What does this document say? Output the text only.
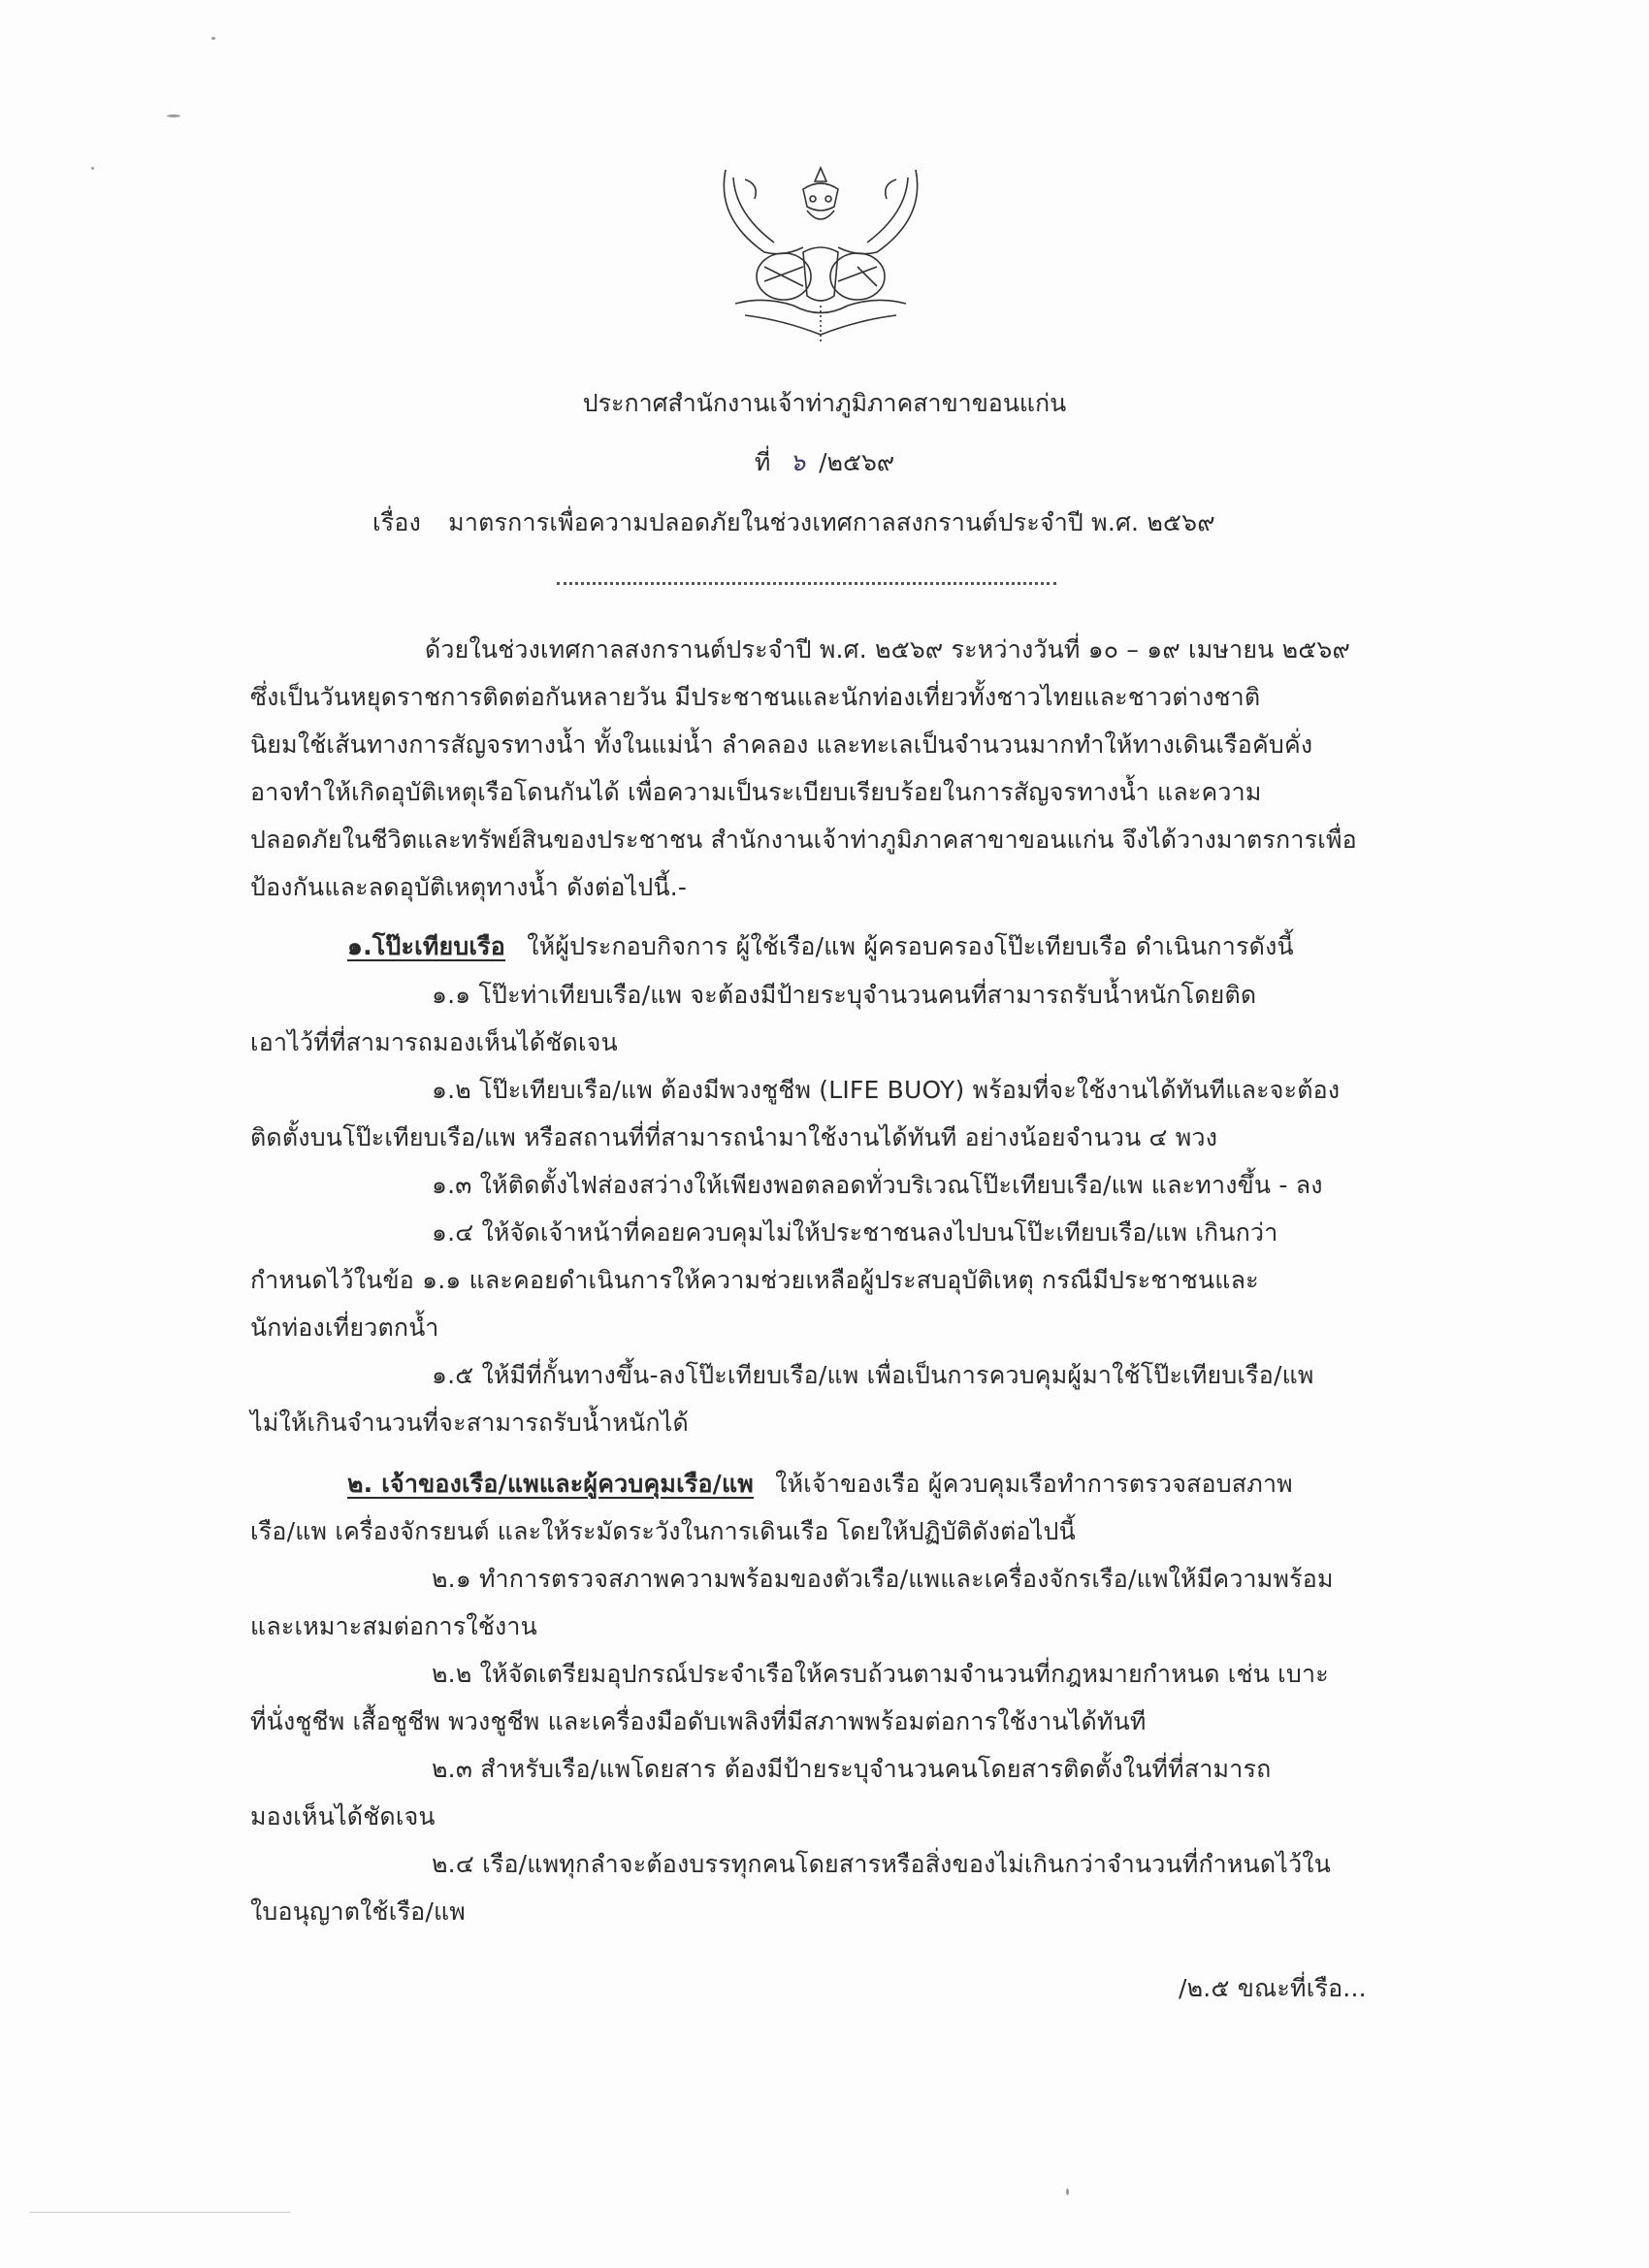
ประกาศสำนักงานเจ้าท่าภูมิภาคสาขาขอนแก่น
ที่ ๖ /๒๕๖๙
เรื่อง มาตรการเพื่อความปลอดภัยในช่วงเทศกาลสงกรานต์ประจำปี พ.ศ. ๒๕๖๙
ด้วยในช่วงเทศกาลสงกรานต์ประจำปี พ.ศ. ๒๕๖๙ ระหว่างวันที่ ๑๐ – ๑๙ เมษายน ๒๕๖๙
ซึ่งเป็นวันหยุดราชการติดต่อกันหลายวัน มีประชาชนและนักท่องเที่ยวทั้งชาวไทยและชาวต่างชาติ
นิยมใช้เส้นทางการสัญจรทางน้ำ ทั้งในแม่น้ำ ลำคลอง และทะเลเป็นจำนวนมากทำให้ทางเดินเรือคับคั่ง
อาจทำให้เกิดอุบัติเหตุเรือโดนกันได้ เพื่อความเป็นระเบียบเรียบร้อยในการสัญจรทางน้ำ และความ
ปลอดภัยในชีวิตและทรัพย์สินของประชาชน สำนักงานเจ้าท่าภูมิภาคสาขาขอนแก่น จึงได้วางมาตรการเพื่อ
ป้องกันและลดอุบัติเหตุทางน้ำ ดังต่อไปนี้.-
๑.โป๊ะเทียบเรือ ให้ผู้ประกอบกิจการ ผู้ใช้เรือ/แพ ผู้ครอบครองโป๊ะเทียบเรือ ดำเนินการดังนี้
๑.๑ โป๊ะท่าเทียบเรือ/แพ จะต้องมีป้ายระบุจำนวนคนที่สามารถรับน้ำหนักโดยติด
เอาไว้ที่ที่สามารถมองเห็นได้ชัดเจน
๑.๒ โป๊ะเทียบเรือ/แพ ต้องมีพวงชูชีพ (LIFE BUOY) พร้อมที่จะใช้งานได้ทันทีและจะต้อง
ติดตั้งบนโป๊ะเทียบเรือ/แพ หรือสถานที่ที่สามารถนำมาใช้งานได้ทันที อย่างน้อยจำนวน ๔ พวง
๑.๓ ให้ติดตั้งไฟส่องสว่างให้เพียงพอตลอดทั่วบริเวณโป๊ะเทียบเรือ/แพ และทางขึ้น - ลง
๑.๔ ให้จัดเจ้าหน้าที่คอยควบคุมไม่ให้ประชาชนลงไปบนโป๊ะเทียบเรือ/แพ เกินกว่า
กำหนดไว้ในข้อ ๑.๑ และคอยดำเนินการให้ความช่วยเหลือผู้ประสบอุบัติเหตุ กรณีมีประชาชนและ
นักท่องเที่ยวตกน้ำ
๑.๕ ให้มีที่กั้นทางขึ้น-ลงโป๊ะเทียบเรือ/แพ เพื่อเป็นการควบคุมผู้มาใช้โป๊ะเทียบเรือ/แพ
ไม่ให้เกินจำนวนที่จะสามารถรับน้ำหนักได้
๒. เจ้าของเรือ/แพและผู้ควบคุมเรือ/แพ ให้เจ้าของเรือ ผู้ควบคุมเรือทำการตรวจสอบสภาพ
เรือ/แพ เครื่องจักรยนต์ และให้ระมัดระวังในการเดินเรือ โดยให้ปฏิบัติดังต่อไปนี้
๒.๑ ทำการตรวจสภาพความพร้อมของตัวเรือ/แพและเครื่องจักรเรือ/แพให้มีความพร้อม
และเหมาะสมต่อการใช้งาน
๒.๒ ให้จัดเตรียมอุปกรณ์ประจำเรือให้ครบถ้วนตามจำนวนที่กฎหมายกำหนด เช่น เบาะ
ที่นั่งชูชีพ เสื้อชูชีพ พวงชูชีพ และเครื่องมือดับเพลิงที่มีสภาพพร้อมต่อการใช้งานได้ทันที
๒.๓ สำหรับเรือ/แพโดยสาร ต้องมีป้ายระบุจำนวนคนโดยสารติดตั้งในที่ที่สามารถ
มองเห็นได้ชัดเจน
๒.๔ เรือ/แพทุกลำจะต้องบรรทุกคนโดยสารหรือสิ่งของไม่เกินกว่าจำนวนที่กำหนดไว้ใน
ใบอนุญาตใช้เรือ/แพ
/๒.๕ ขณะที่เรือ...
